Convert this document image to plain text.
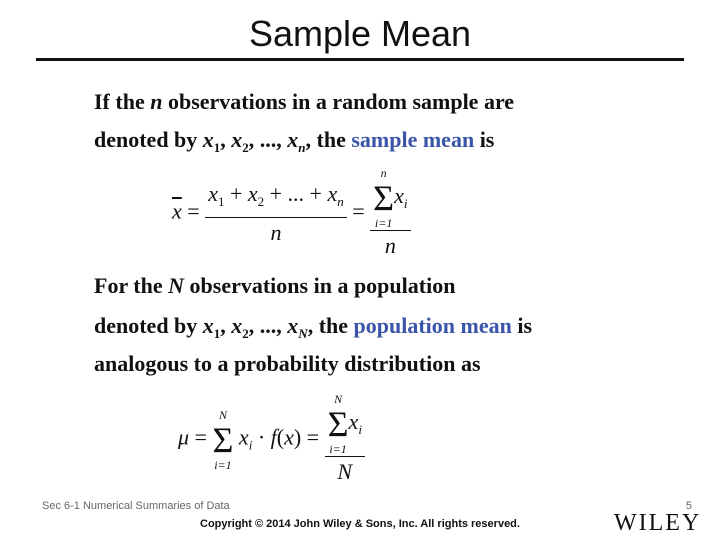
Sample Mean
If the n observations in a random sample are
denoted by $x_1$, $x_2$, ..., $x_n$, the sample mean is
$\overline{x} = \frac{x_1 + x_2 + ... + x_n}{n} = n$
Σ
i=1
$x_i$
n
For the N observations in a population
denoted by $x_1$, $x_2$, ..., $x_N$, the population mean is
analogous to a probability distribution as
μ =
N
Σ
i=1
$x_i \cdot f(x) = N$
Σ
i=1
$x_i$
N
Sec 6-1 Numerical Summaries of Data	5
Copyright © 2014 John Wiley & Sons, Inc. All rights reserved.	WILEY
